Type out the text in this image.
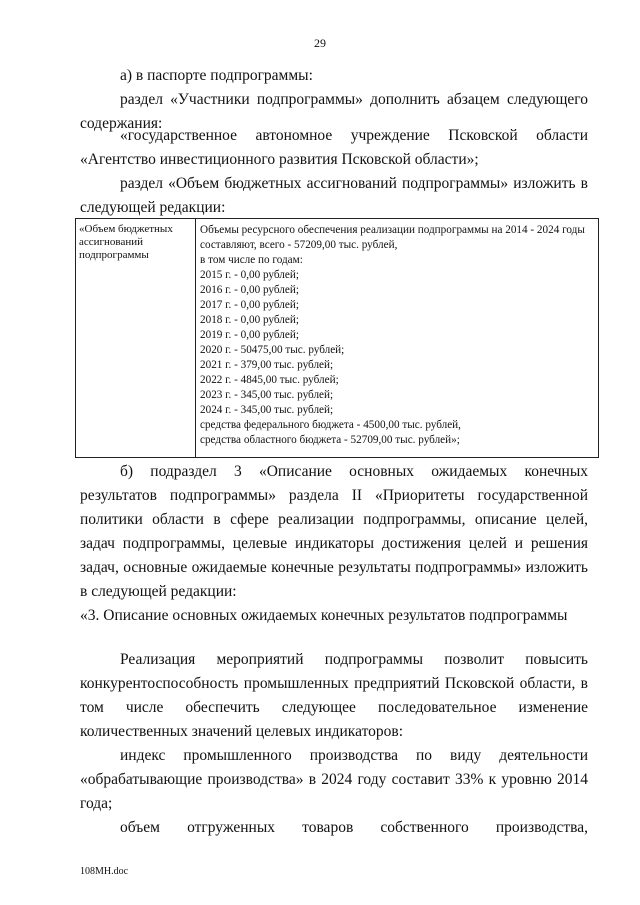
29

а) в паспорте подпрограммы:

раздел «Участники подпрограммы» дополнить абзацем следующего содержания:

«государственное автономное учреждение Псковской области «Агентство инвестиционного развития Псковской области»;

раздел «Объем бюджетных ассигнований подпрограммы» изложить в следующей редакции:

«Объем бюджетных ассигнований подпрограммы
Объемы ресурсного обеспечения реализации подпрограммы на 2014 - 2024 годы составляют, всего - 57209,00 тыс. рублей,
в том числе по годам:
2015 г. - 0,00 рублей;
2016 г. - 0,00 рублей;
2017 г. - 0,00 рублей;
2018 г. - 0,00 рублей;
2019 г. - 0,00 рублей;
2020 г. - 50475,00 тыс. рублей;
2021 г. - 379,00 тыс. рублей;
2022 г. - 4845,00 тыс. рублей;
2023 г. - 345,00 тыс. рублей;
2024 г. - 345,00 тыс. рублей;
средства федерального бюджета - 4500,00 тыс. рублей,
средства областного бюджета - 52709,00 тыс. рублей»;

б) подраздел 3 «Описание основных ожидаемых конечных результатов подпрограммы» раздела II «Приоритеты государственной политики области в сфере реализации подпрограммы, описание целей, задач подпрограммы, целевые индикаторы достижения целей и решения задач, основные ожидаемые конечные результаты подпрограммы» изложить в следующей редакции:

«3. Описание основных ожидаемых конечных результатов подпрограммы

Реализация мероприятий подпрограммы позволит повысить конкурентоспособность промышленных предприятий Псковской области, в том числе обеспечить следующее последовательное изменение количественных значений целевых индикаторов:

индекс промышленного производства по виду деятельности «обрабатывающие производства» в 2024 году составит 33% к уровню 2014 года;

объем отгруженных товаров собственного производства,

108МН.doc
